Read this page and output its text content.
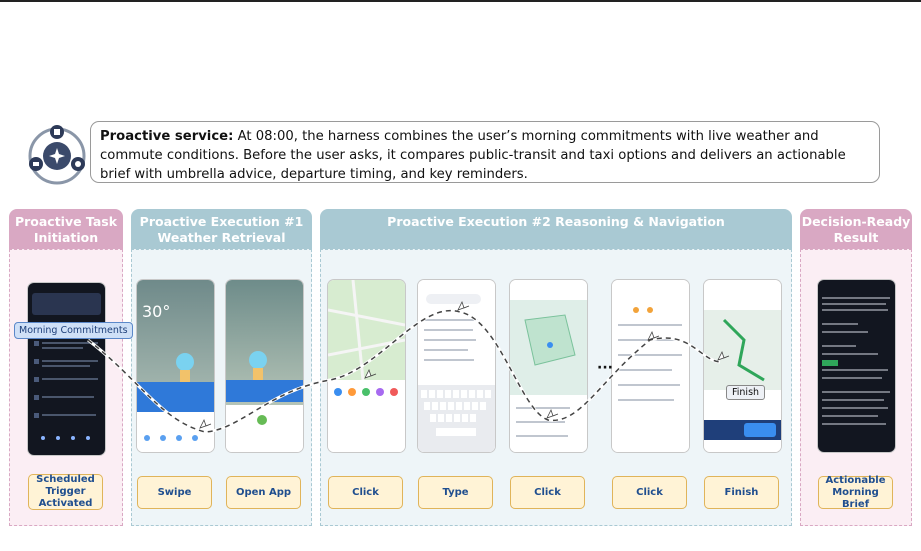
Proactive service: At 08:00, the harness combines the user’s morning commitments with live weather and commute conditions. Before the user asks, it compares public-transit and taxi options and delivers an actionable brief with umbrella advice, departure timing, and key reminders.
Proactive Task Initiation
Proactive Execution #1 Weather Retrieval
Proactive Execution #2 Reasoning & Navigation	Decision-Ready Result
30°
Morning Commitments
Finish
···
Scheduled Trigger Activated
Swipe	Open App	Click	Type	Click	Click	Finish
Actionable Morning Brief
